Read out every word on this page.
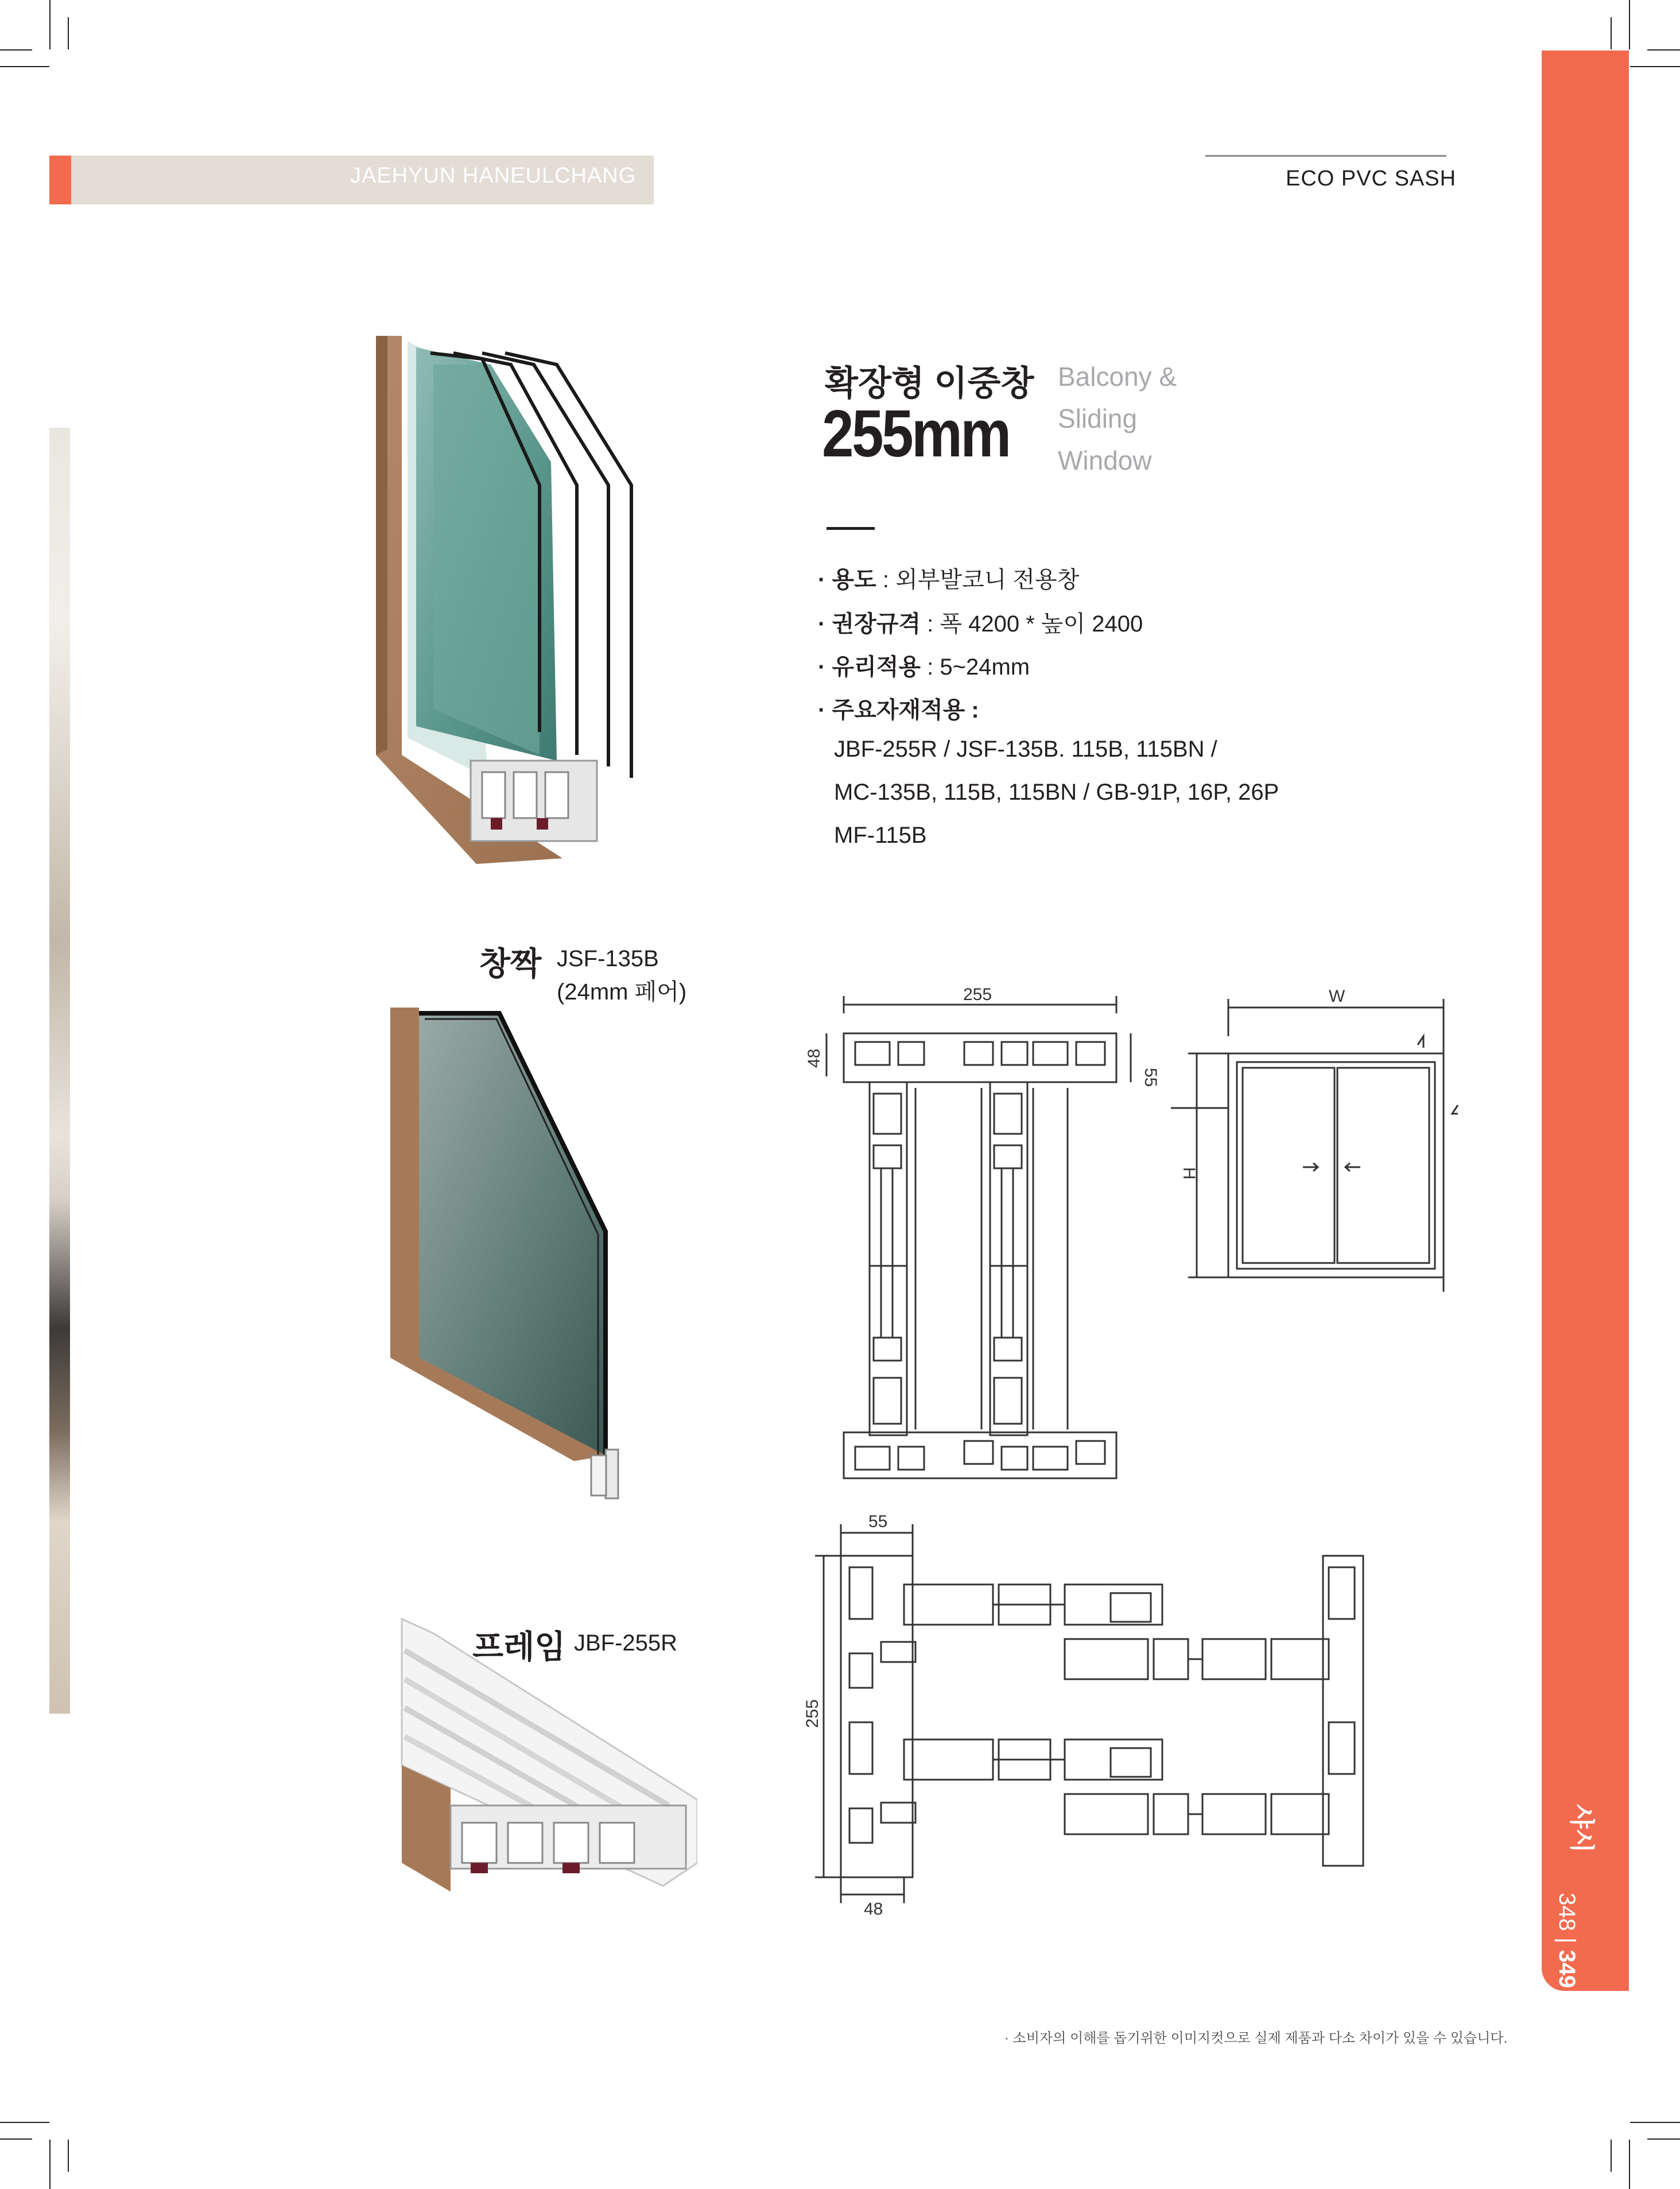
JAEHYUN HANEULCHANG	ECO PVC SASH
샤시
348 | 349
확장형 이중창
255mm
Balcony &
Sliding
Window
· 용도 : 외부발코니 전용창
· 권장규격 : 폭 4200 * 높이 2400
· 유리적용 : 5~24mm
· 주요자재적용 :
JBF-255R / JSF-135B. 115B, 115BN /
MC-135B, 115B, 115BN / GB-91P, 16P, 26P
MF-115B
창짝 JSF-135B
(24mm 페어)
프레임 JBF-255R
255
48
55
W
H
55
255
48
· 소비자의 이해를 돕기위한 이미지컷으로 실제 제품과 다소 차이가 있을 수 있습니다.
